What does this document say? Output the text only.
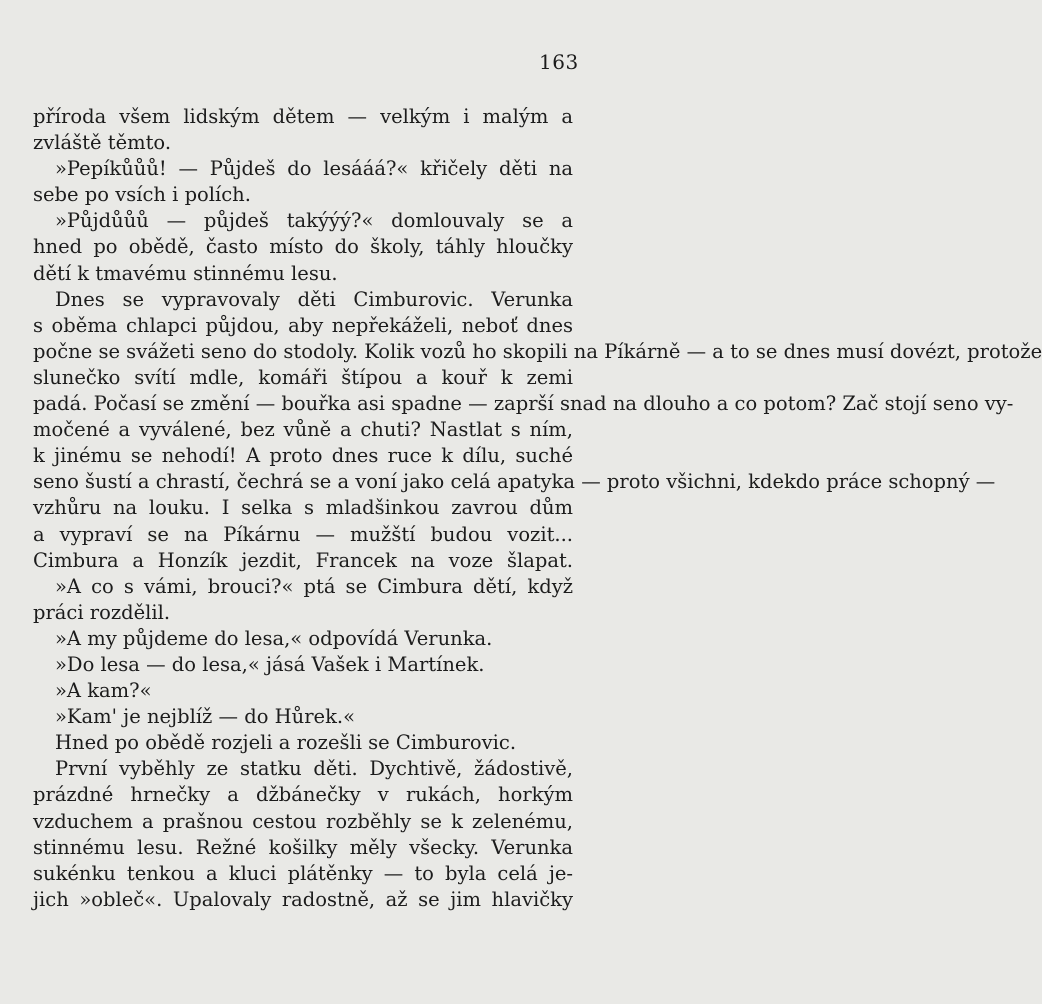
163
příroda všem lidským dětem — velkým i malým a
zvláště těmto.
»Pepíkůůů! — Půjdeš do lesááá?« křičely děti na
sebe po vsích i polích.
»Půjdůůů — půjdeš takýýý?« domlouvaly se a
hned po obědě, často místo do školy, táhly hloučky
dětí k tmavému stinnému lesu.
Dnes se vypravovaly děti Cimburovic. Verunka
s oběma chlapci půjdou, aby nepřekáželi, neboť dnes
počne se svážeti seno do stodoly. Kolik vozů ho skopili na Píkárně — a to se dnes musí dovézt, protože
slunečko svítí mdle, komáři štípou a kouř k zemi
padá. Počasí se změní — bouřka asi spadne — zaprší snad na dlouho a co potom? Zač stojí seno vy-
močené a vyválené, bez vůně a chuti? Nastlat s ním,
k jinému se nehodí! A proto dnes ruce k dílu, suché
seno šustí a chrastí, čechrá se a voní jako celá apatyka — proto všichni, kdekdo práce schopný —
vzhůru na louku. I selka s mladšinkou zavrou dům
a vypraví se na Píkárnu — mužští budou vozit...
Cimbura a Honzík jezdit, Francek na voze šlapat.
»A co s vámi, brouci?« ptá se Cimbura dětí, když
práci rozdělil.
»A my půjdeme do lesa,« odpovídá Verunka.
»Do lesa — do lesa,« jásá Vašek i Martínek.
»A kam?«
»Kam' je nejblíž — do Hůrek.«
Hned po obědě rozjeli a rozešli se Cimburovic.
První vyběhly ze statku děti. Dychtivě, žádostivě,
prázdné hrnečky a džbánečky v rukách, horkým
vzduchem a prašnou cestou rozběhly se k zelenému,
stinnému lesu. Režné košilky měly všecky. Verunka
sukénku tenkou a kluci plátěnky — to byla celá je-
jich »obleč«. Upalovaly radostně, až se jim hlavičky
